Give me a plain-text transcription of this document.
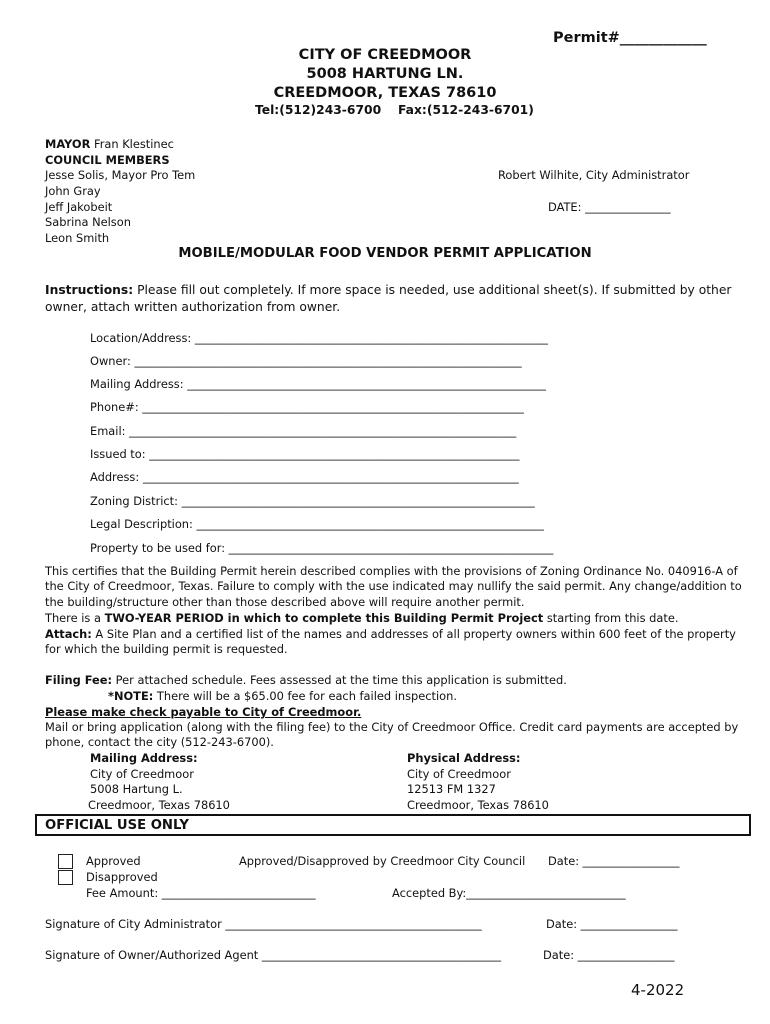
Permit#____________
CITY OF CREEDMOOR
5008 HARTUNG LN.
CREEDMOOR, TEXAS 78610
Tel:(512)243-6700 Fax:(512-243-6701)
MAYOR Fran Klestinec
COUNCIL MEMBERS
Jesse Solis, Mayor Pro Tem
John Gray
Jeff Jakobeit
Sabrina Nelson
Leon Smith
Robert Wilhite, City Administrator
DATE: _______________
MOBILE/MODULAR FOOD VENDOR PERMIT APPLICATION
Instructions: Please fill out completely. If more space is needed, use additional sheet(s). If submitted by other owner, attach written authorization from owner.
Location/Address: ______________________________________________________________
Owner: ____________________________________________________________________
Mailing Address: _______________________________________________________________
Phone#: ___________________________________________________________________
Email: ____________________________________________________________________
Issued to: _________________________________________________________________
Address: __________________________________________________________________
Zoning District: ______________________________________________________________
Legal Description: _____________________________________________________________
Property to be used for: _________________________________________________________
This certifies that the Building Permit herein described complies with the provisions of Zoning Ordinance No. 040916-A of the City of Creedmoor, Texas. Failure to comply with the use indicated may nullify the said permit. Any change/addition to the building/structure other than those described above will require another permit.
There is a TWO-YEAR PERIOD in which to complete this Building Permit Project starting from this date.
Attach: A Site Plan and a certified list of the names and addresses of all property owners within 600 feet of the property for which the building permit is requested.
Filing Fee: Per attached schedule. Fees assessed at the time this application is submitted.
*NOTE: There will be a $65.00 fee for each failed inspection.
Please make check payable to City of Creedmoor.
Mail or bring application (along with the filing fee) to the City of Creedmoor Office. Credit card payments are accepted by phone, contact the city (512-243-6700).
Mailing Address:
City of Creedmoor
5008 Hartung L.
Creedmoor, Texas 78610
Physical Address:
City of Creedmoor
12513 FM 1327
Creedmoor, Texas 78610
OFFICIAL USE ONLY
Approved
Disapproved
Fee Amount: ___________________________
Approved/Disapproved by Creedmoor City Council Date: _________________
Accepted By:____________________________
Signature of City Administrator _____________________________________________	Date: _________________
Signature of Owner/Authorized Agent __________________________________________	Date: _________________
4-2022
